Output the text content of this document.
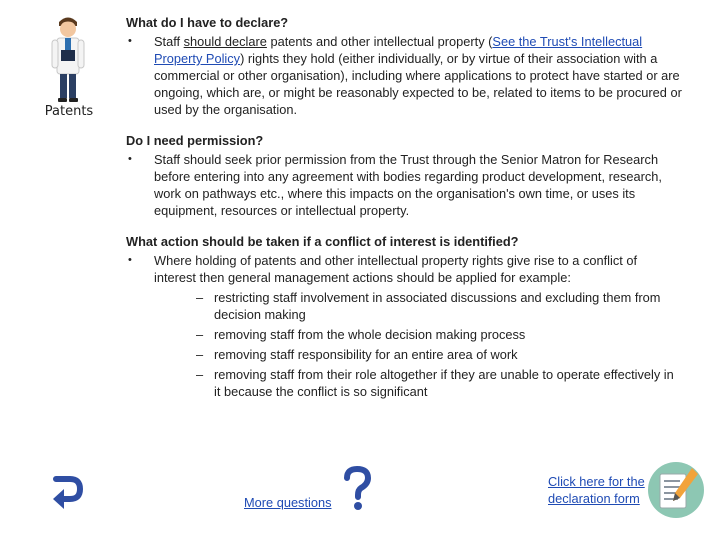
Patents
What do I have to declare?
• Staff should declare patents and other intellectual property (See the Trust's Intellectual Property Policy) rights they hold (either individually, or by virtue of their association with a commercial or other organisation), including where applications to protect have started or are ongoing, which are, or might be reasonably expected to be, related to items to be procured or used by the organisation.
Do I need permission?
• Staff should seek prior permission from the Trust through the Senior Matron for Research before entering into any agreement with bodies regarding product development, research, work on pathways etc., where this impacts on the organisation's own time, or uses its equipment, resources or intellectual property.
What action should be taken if a conflict of interest is identified?
• Where holding of patents and other intellectual property rights give rise to a conflict of interest then general management actions should be applied for example:
– restricting staff involvement in associated discussions and excluding them from decision making
– removing staff from the whole decision making process
– removing staff responsibility for an entire area of work
– removing staff from their role altogether if they are unable to operate effectively in it because the conflict is so significant
More questions
Click here for the declaration form
